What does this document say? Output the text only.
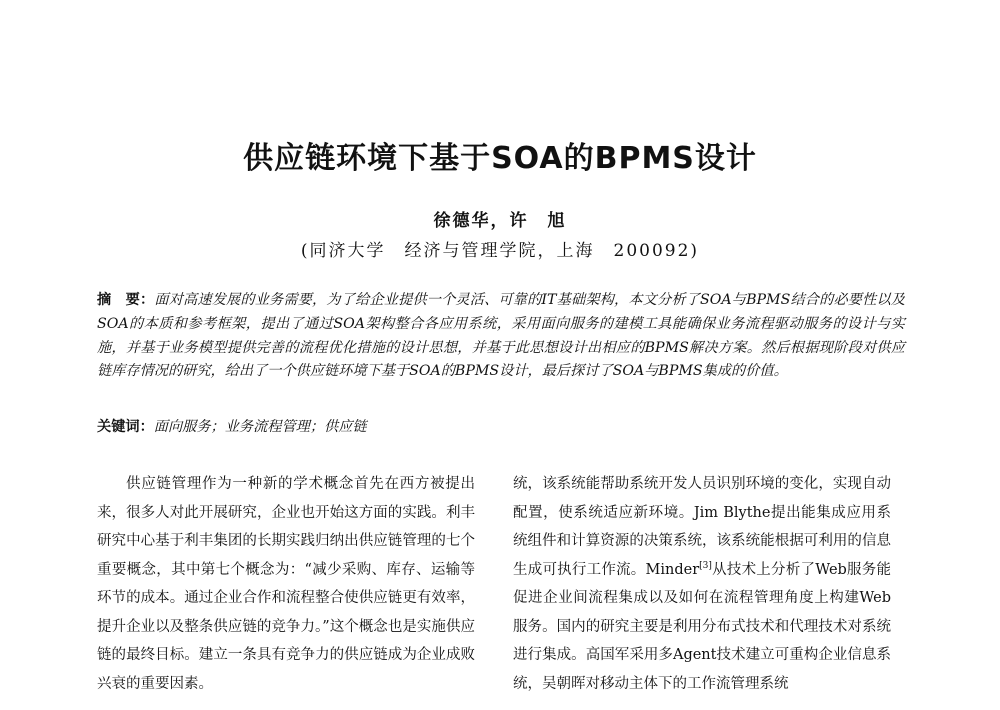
供应链环境下基于SOA的BPMS设计
徐德华，许　旭
(同济大学　经济与管理学院，上海　200092)
摘　要：面对高速发展的业务需要，为了给企业提供一个灵活、可靠的IT基础架构，本文分析了SOA与BPMS结合的必要性以及SOA的本质和参考框架，提出了通过SOA架构整合各应用系统，采用面向服务的建模工具能确保业务流程驱动服务的设计与实施，并基于业务模型提供完善的流程优化措施的设计思想，并基于此思想设计出相应的BPMS解决方案。然后根据现阶段对供应链库存情况的研究，给出了一个供应链环境下基于SOA的BPMS设计，最后探讨了SOA与BPMS集成的价值。
关键词：面向服务；业务流程管理；供应链
供应链管理作为一种新的学术概念首先在西方被提出来，很多人对此开展研究，企业也开始这方面的实践。利丰研究中心基于利丰集团的长期实践归纳出供应链管理的七个重要概念，其中第七个概念为：“减少采购、库存、运输等环节的成本。通过企业合作和流程整合使供应链更有效率，提升企业以及整条供应链的竞争力。”这个概念也是实施供应链的最终目标。建立一条具有竞争力的供应链成为企业成败兴衰的重要因素。
统，该系统能帮助系统开发人员识别环境的变化，实现自动配置，使系统适应新环境。Jim Blythe提出能集成应用系统组件和计算资源的决策系统，该系统能根据可利用的信息生成可执行工作流。Minder[3]从技术上分析了Web服务能促进企业间流程集成以及如何在流程管理角度上构建Web服务。国内的研究主要是利用分布式技术和代理技术对系统进行集成。高国军采用多Agent技术建立可重构企业信息系统，吴朝晖对移动主体下的工作流管理系统
